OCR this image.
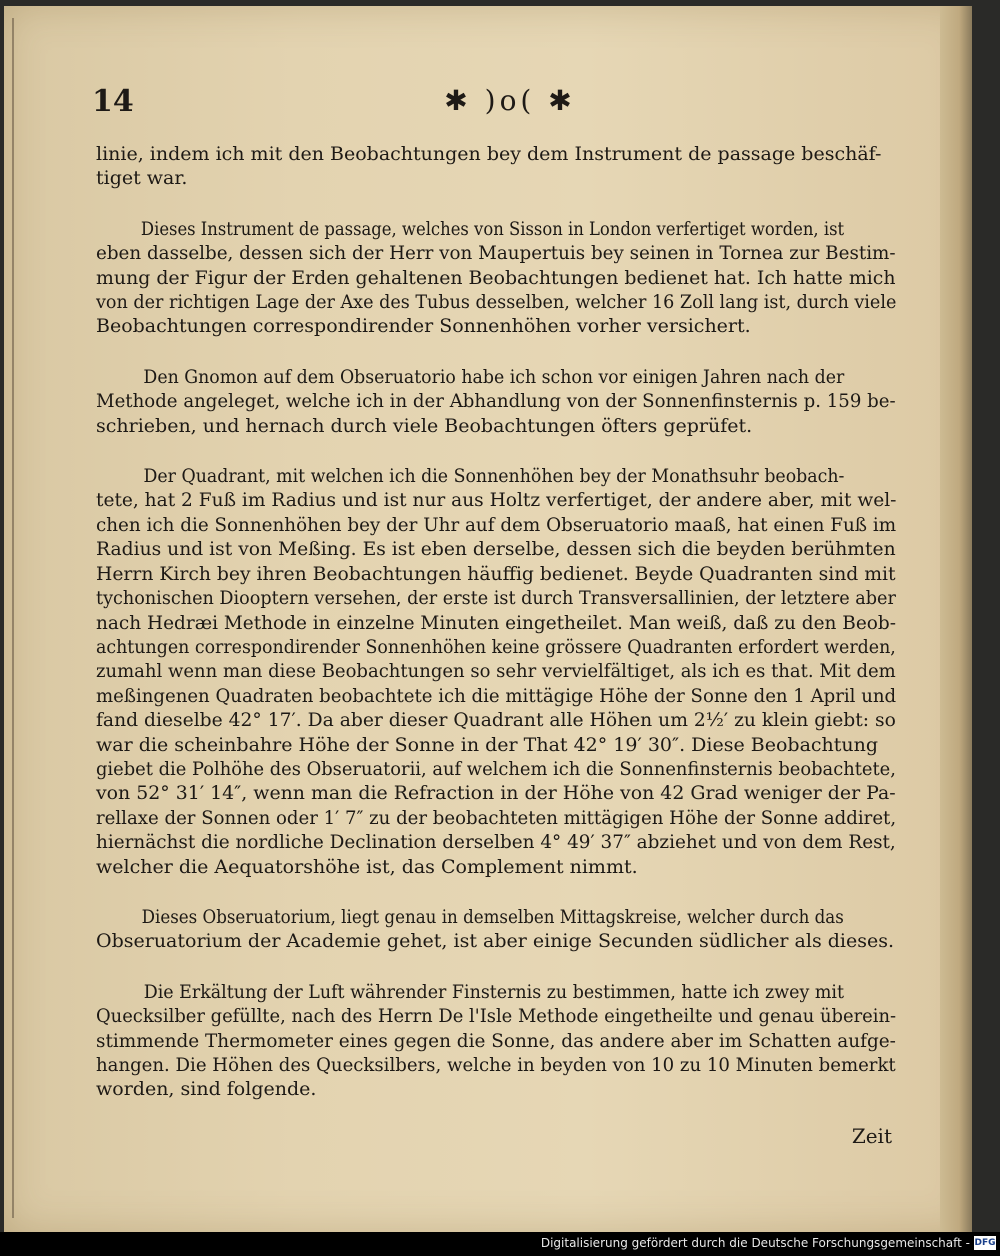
14	✱ )o( ✱
linie, indem ich mit den Beobachtungen bey dem Instrument de passage beschäf-
tiget war.
Dieses Instrument de passage, welches von Sisson in London verfertiget worden, ist
eben dasselbe, dessen sich der Herr von Maupertuis bey seinen in Tornea zur Bestim-
mung der Figur der Erden gehaltenen Beobachtungen bedienet hat. Ich hatte mich
von der richtigen Lage der Axe des Tubus desselben, welcher 16 Zoll lang ist, durch viele
Beobachtungen correspondirender Sonnenhöhen vorher versichert.
Den Gnomon auf dem Obseruatorio habe ich schon vor einigen Jahren nach der
Methode angeleget, welche ich in der Abhandlung von der Sonnenfinsternis p. 159 be-
schrieben, und hernach durch viele Beobachtungen öfters geprüfet.
Der Quadrant, mit welchen ich die Sonnenhöhen bey der Monathsuhr beobach-
tete, hat 2 Fuß im Radius und ist nur aus Holtz verfertiget, der andere aber, mit wel-
chen ich die Sonnenhöhen bey der Uhr auf dem Obseruatorio maaß, hat einen Fuß im
Radius und ist von Meßing. Es ist eben derselbe, dessen sich die beyden berühmten
Herrn Kirch bey ihren Beobachtungen häuffig bedienet. Beyde Quadranten sind mit
tychonischen Diooptern versehen, der erste ist durch Transversallinien, der letztere aber
nach Hedræi Methode in einzelne Minuten eingetheilet. Man weiß, daß zu den Beob-
achtungen correspondirender Sonnenhöhen keine grössere Quadranten erfordert werden,
zumahl wenn man diese Beobachtungen so sehr vervielfältiget, als ich es that. Mit dem
meßingenen Quadraten beobachtete ich die mittägige Höhe der Sonne den 1 April und
fand dieselbe 42° 17′. Da aber dieser Quadrant alle Höhen um 2½′ zu klein giebt: so
war die scheinbahre Höhe der Sonne in der That 42° 19′ 30″. Diese Beobachtung
giebet die Polhöhe des Obseruatorii, auf welchem ich die Sonnenfinsternis beobachtete,
von 52° 31′ 14″, wenn man die Refraction in der Höhe von 42 Grad weniger der Pa-
rellaxe der Sonnen oder 1′ 7″ zu der beobachteten mittägigen Höhe der Sonne addiret,
hiernächst die nordliche Declination derselben 4° 49′ 37″ abziehet und von dem Rest,
welcher die Aequatorshöhe ist, das Complement nimmt.
Dieses Obseruatorium, liegt genau in demselben Mittagskreise, welcher durch das
Obseruatorium der Academie gehet, ist aber einige Secunden südlicher als dieses.
Die Erkältung der Luft währender Finsternis zu bestimmen, hatte ich zwey mit
Quecksilber gefüllte, nach des Herrn De l'Isle Methode eingetheilte und genau überein-
stimmende Thermometer eines gegen die Sonne, das andere aber im Schatten aufge-
hangen. Die Höhen des Quecksilbers, welche in beyden von 10 zu 10 Minuten bemerkt
worden, sind folgende.
Zeit
Digitalisierung gefördert durch die Deutsche Forschungsgemeinschaft - DFG
